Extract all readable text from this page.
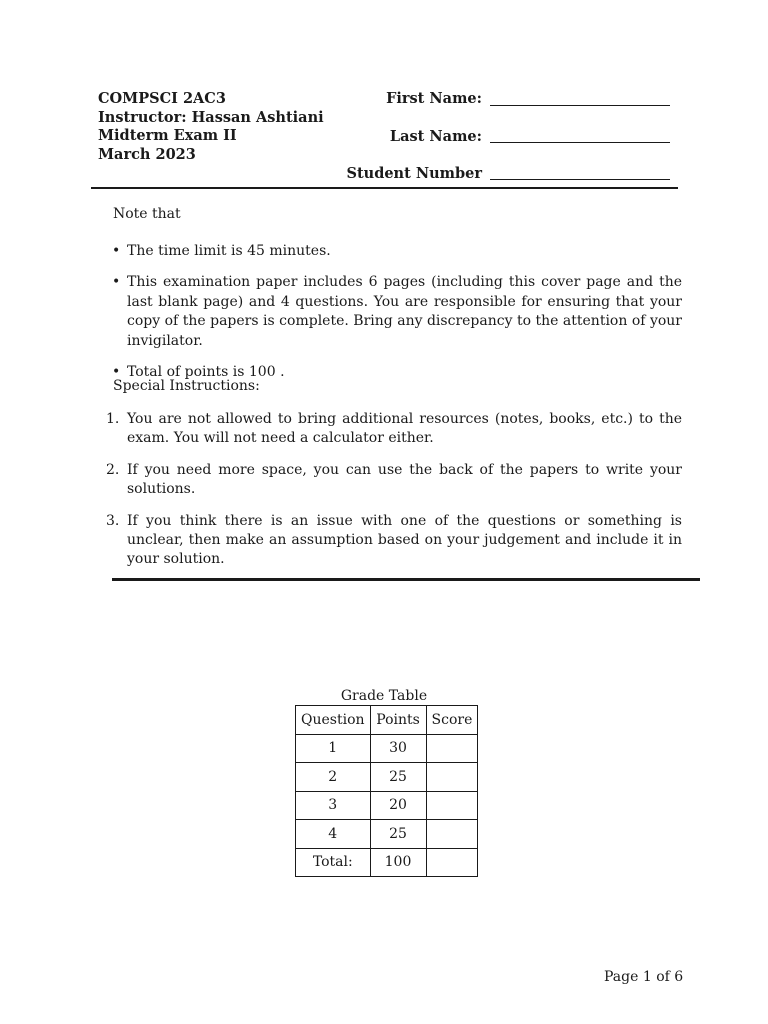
COMPSCI 2AC3
Instructor: Hassan Ashtiani
Midterm Exam II
March 2023
First Name:
Last Name:
Student Number
Note that
• The time limit is 45 minutes.
• This examination paper includes 6 pages (including this cover page and the last blank page) and 4 questions. You are responsible for ensuring that your copy of the papers is complete. Bring any discrepancy to the attention of your invigilator.
• Total of points is 100 .
Special Instructions:
1. You are not allowed to bring additional resources (notes, books, etc.) to the exam. You will not need a calculator either.
2. If you need more space, you can use the back of the papers to write your solutions.
3. If you think there is an issue with one of the questions or something is unclear, then make an assumption based on your judgement and include it in your solution.
Grade Table
Question	Points	Score
1	30	
2	25	
3	20	
4	25	
Total:	100	
Page 1 of 6
